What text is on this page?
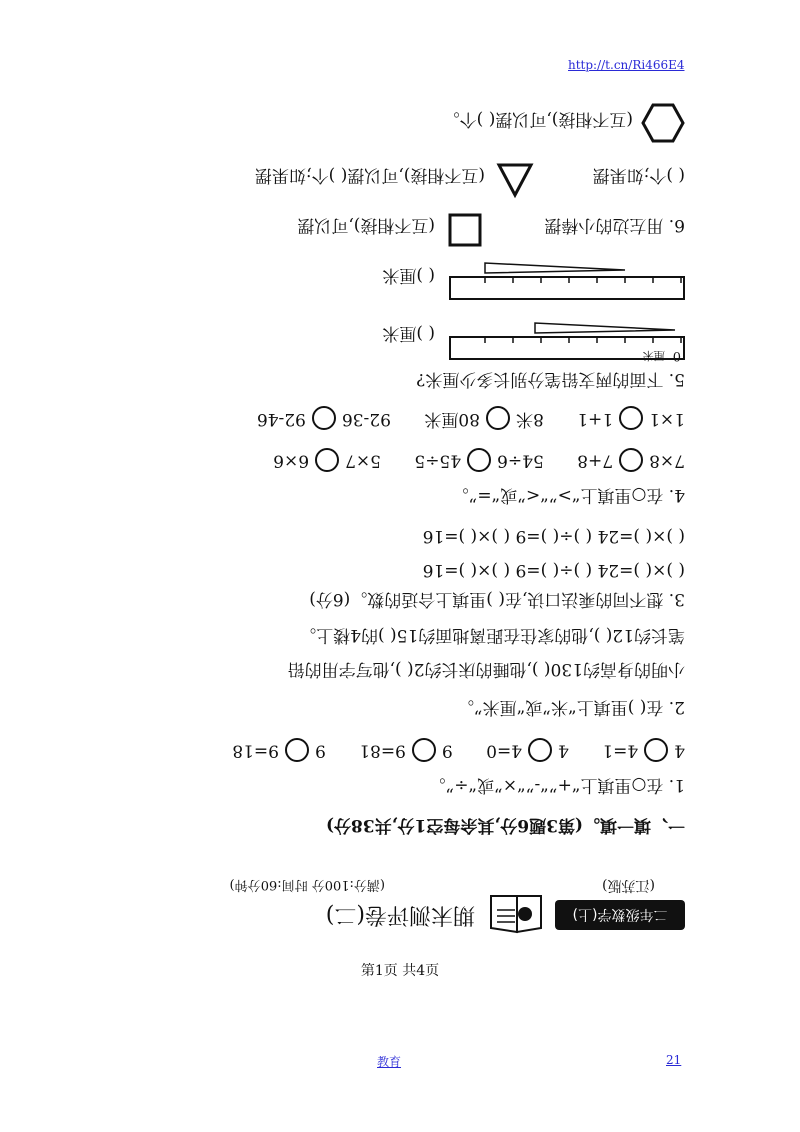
http://t.cn/Ri466E4
二年级数学(上)
期末测评卷(二)
(江苏版)
(满分:100分 时间:60分钟)
一、填一填。(第3题6分,其余每空1分,共38分)
1. 在○里填上“+”“-”“×”或“÷”。
44=1 44=0 99=81 99=18
2. 在( )里填上“米”或“厘米”。
小明的身高约130( ),他睡的床长约2( ),他写字用的铅
笔长约12( ),他的家住在距离地面约15( )的4楼上。
3. 想不同的乘法口诀,在( )里填上合适的数。(6分)
( )×( )=24 ( )÷( )=9 ( )×( )=16
( )×( )=24 ( )÷( )=9 ( )×( )=16
4. 在○里填上“>”“<”或“=”。
7×87+8 54÷645÷5 5×76×6
1×11+1 8米80厘米 92-3692-46
5. 下面的两支铅笔分别长多少厘米?
( )厘米
0厘米
( )厘米
6. 用左边的小棒摆
(互不相接),可以摆
( )个;如果摆
(互不相接),可以摆( )个;如果摆
(互不相接),可以摆( )个。
第1页 共4页
教育	21
